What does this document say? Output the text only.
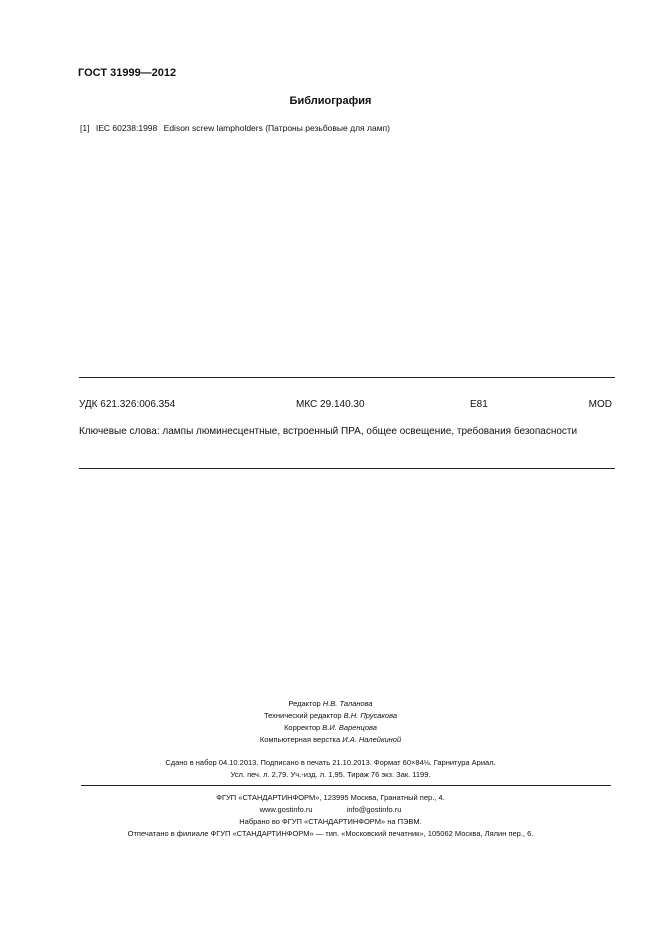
ГОСТ 31999—2012
Библиография
[1] IEC 60238:1998 Edison screw lampholders (Патроны резьбовые для ламп)
УДК 621.326:006.354	МКС 29.140.30	E81	MOD
Ключевые слова: лампы люминесцентные, встроенный ПРА, общее освещение, требования безопасности
Редактор Н.В. Таланова
Технический редактор В.Н. Прусакова
Корректор В.И. Варенцова
Компьютерная верстка И.А. Налейкиной
Сдано в набор 04.10.2013. Подписано в печать 21.10.2013. Формат 60×84⅛. Гарнитура Ариал.
Усл. печ. л. 2,79. Уч.-изд. л. 1,95. Тираж 76 экз. Зак. 1199.
ФГУП «СТАНДАРТИНФОРМ», 123995 Москва, Гранатный пер., 4.
www.gostinfo.ru	info@gostinfo.ru
Набрано во ФГУП «СТАНДАРТИНФОРМ» на ПЭВМ.
Отпечатано в филиале ФГУП «СТАНДАРТИНФОРМ» — тип. «Московский печатник», 105062 Москва, Лялин пер., 6.
